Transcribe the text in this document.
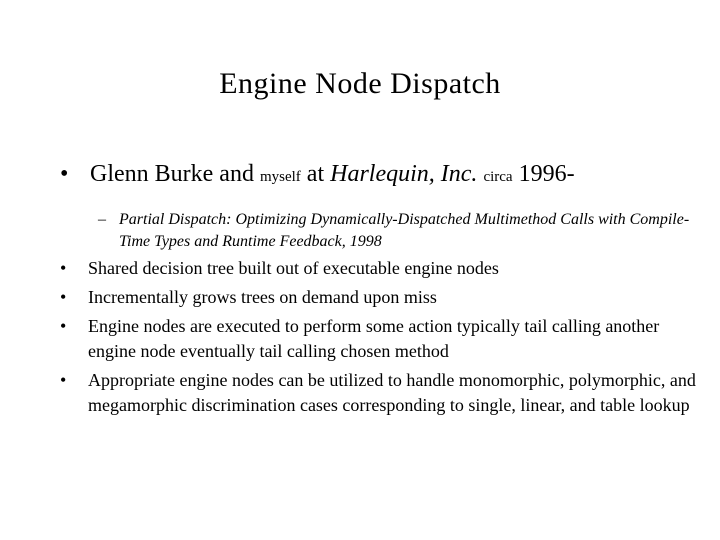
Engine Node Dispatch
• Glenn Burke and myself at Harlequin, Inc. circa 1996-
– Partial Dispatch: Optimizing Dynamically-Dispatched Multimethod Calls with Compile-Time Types and Runtime Feedback, 1998
• Shared decision tree built out of executable engine nodes
• Incrementally grows trees on demand upon miss
• Engine nodes are executed to perform some action typically tail calling another engine node eventually tail calling chosen method
• Appropriate engine nodes can be utilized to handle monomorphic, polymorphic, and megamorphic discrimination cases corresponding to single, linear, and table lookup
